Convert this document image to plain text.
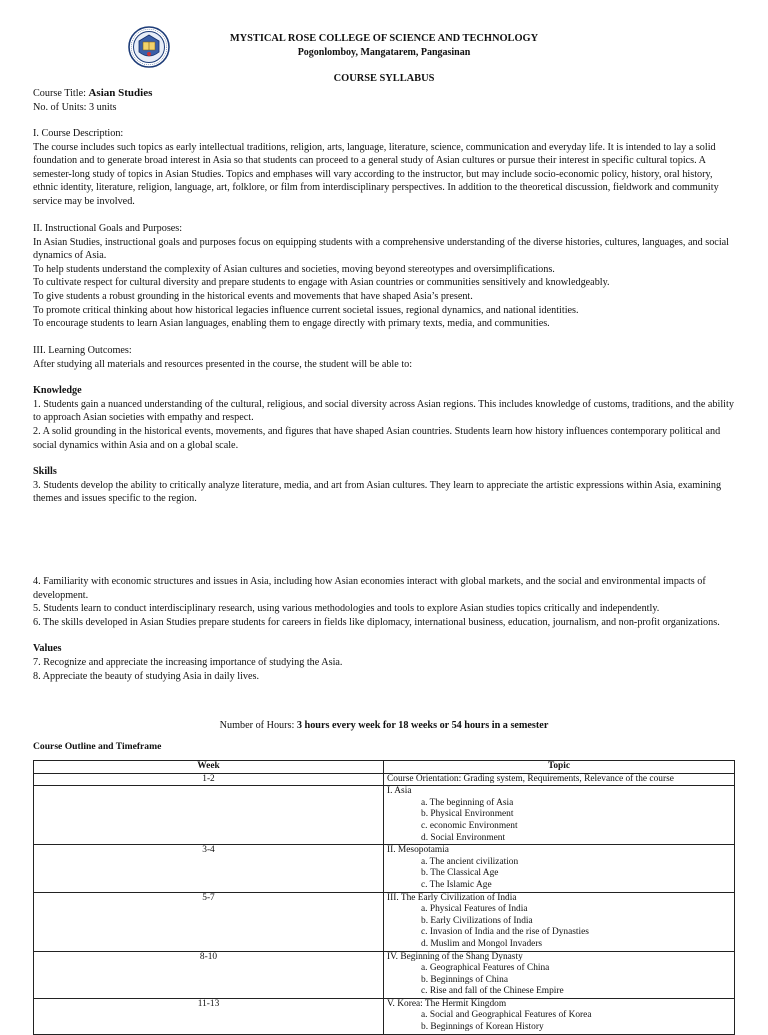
MYSTICAL ROSE COLLEGE OF SCIENCE AND TECHNOLOGY
Pogonlomboy, Mangatarem, Pangasinan
COURSE SYLLABUS

Course Title: Asian Studies

No. of Units: 3 units

I. Course Description:

The course includes such topics as early intellectual traditions, religion, arts, language, literature, science, communication and everyday life. It is intended to lay a solid foundation and to generate broad interest in Asia so that students can proceed to a general study of Asian cultures or pursue their interest in specific cultural topics. A semester-long study of topics in Asian Studies. Topics and emphases will vary according to the instructor, but may include socio-economic policy, history, oral history, ethnic identity, literature, religion, language, art, folklore, or film from interdisciplinary perspectives. In addition to the theoretical discussion, fieldwork and community service may be involved.

II. Instructional Goals and Purposes:

In Asian Studies, instructional goals and purposes focus on equipping students with a comprehensive understanding of the diverse histories, cultures, languages, and social dynamics of Asia.

To help students understand the complexity of Asian cultures and societies, moving beyond stereotypes and oversimplifications.

To cultivate respect for cultural diversity and prepare students to engage with Asian countries or communities sensitively and knowledgeably.

To give students a robust grounding in the historical events and movements that have shaped Asia’s present.

To promote critical thinking about how historical legacies influence current societal issues, regional dynamics, and national identities.

To encourage students to learn Asian languages, enabling them to engage directly with primary texts, media, and communities.

III. Learning Outcomes:

After studying all materials and resources presented in the course, the student will be able to:

Knowledge

1. Students gain a nuanced understanding of the cultural, religious, and social diversity across Asian regions. This includes knowledge of customs, traditions, and the ability to approach Asian societies with empathy and respect.

2. A solid grounding in the historical events, movements, and figures that have shaped Asian countries. Students learn how history influences contemporary political and social dynamics within Asia and on a global scale.

Skills

3. Students develop the ability to critically analyze literature, media, and art from Asian cultures. They learn to appreciate the artistic expressions within Asia, examining themes and issues specific to the region.

4. Familiarity with economic structures and issues in Asia, including how Asian economies interact with global markets, and the social and environmental impacts of development.

5. Students learn to conduct interdisciplinary research, using various methodologies and tools to explore Asian studies topics critically and independently.

6. The skills developed in Asian Studies prepare students for careers in fields like diplomacy, international business, education, journalism, and non-profit organizations.

Values

7. Recognize and appreciate the increasing importance of studying the Asia.

8. Appreciate the beauty of studying Asia in daily lives.

Number of Hours: 3 hours every week for 18 weeks or 54 hours in a semester
Course Outline and Timeframe
Week	Topic
1-2	Course Orientation: Grading system, Requirements, Relevance of the course

	I. Asia
a. The beginning of Asia
b. Physical Environment
c. economic Environment
d. Social Environment

3-4	II. Mesopotamia
a. The ancient civilization
b. The Classical Age
c. The Islamic Age

5-7	III. The Early Civilization of India
a. Physical Features of India
b. Early Civilizations of India
c. Invasion of India and the rise of Dynasties
d. Muslim and Mongol Invaders

8-10	IV. Beginning of the Shang Dynasty
a. Geographical Features of China
b. Beginnings of China
c. Rise and fall of the Chinese Empire

11-13	V. Korea: The Hermit Kingdom
a. Social and Geographical Features of Korea
b. Beginnings of Korean History
